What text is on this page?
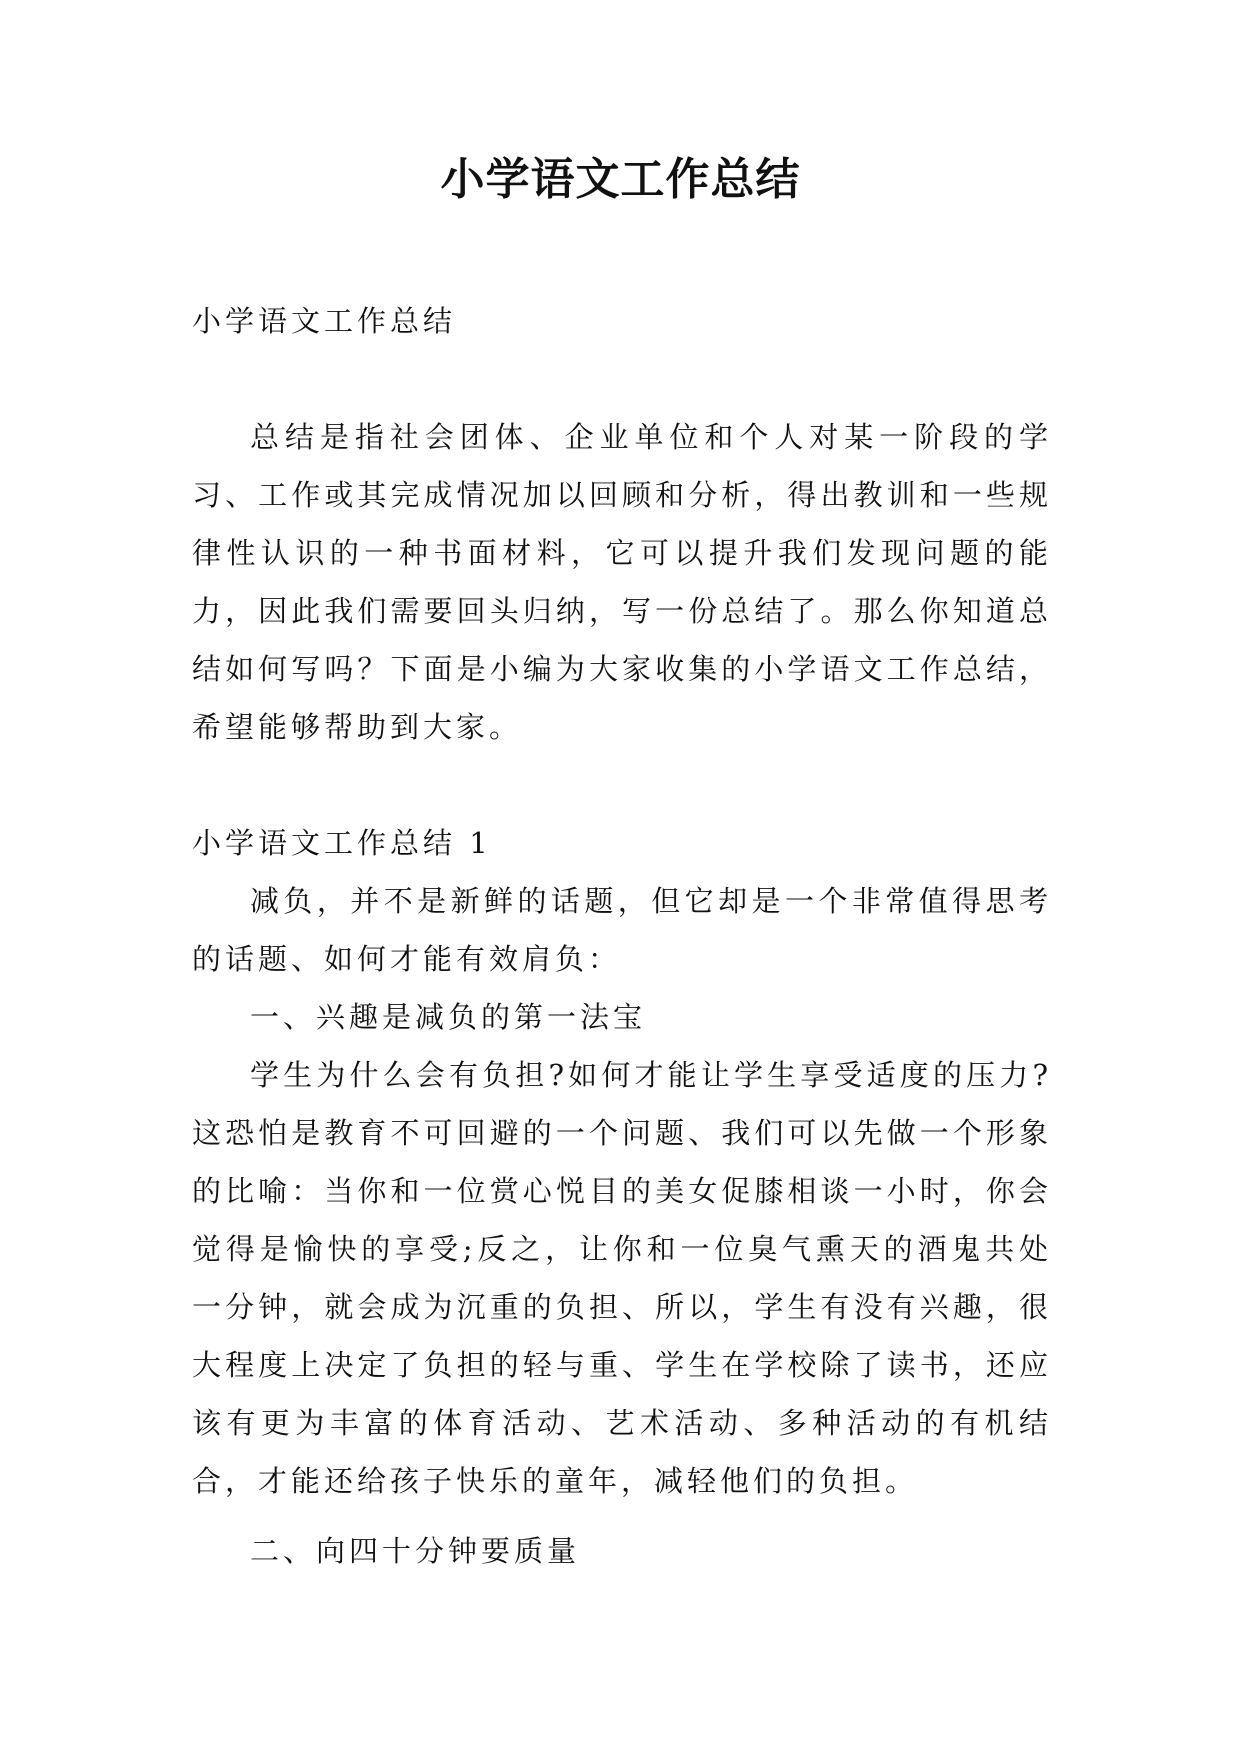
小学语文工作总结

小学语文工作总结

总结是指社会团体、企业单位和个人对某一阶段的学习、工作或其完成情况加以回顾和分析，得出教训和一些规律性认识的一种书面材料，它可以提升我们发现问题的能力，因此我们需要回头归纳，写一份总结了。那么你知道总结如何写吗？下面是小编为大家收集的小学语文工作总结，希望能够帮助到大家。

小学语文工作总结 1

减负，并不是新鲜的话题，但它却是一个非常值得思考的话题、如何才能有效肩负：

一、兴趣是减负的第一法宝

学生为什么会有负担?如何才能让学生享受适度的压力?这恐怕是教育不可回避的一个问题、我们可以先做一个形象的比喻：当你和一位赏心悦目的美女促膝相谈一小时，你会觉得是愉快的享受;反之，让你和一位臭气熏天的酒鬼共处一分钟，就会成为沉重的负担、所以，学生有没有兴趣，很大程度上决定了负担的轻与重、学生在学校除了读书，还应该有更为丰富的体育活动、艺术活动、多种活动的有机结合，才能还给孩子快乐的童年，减轻他们的负担。

二、向四十分钟要质量
